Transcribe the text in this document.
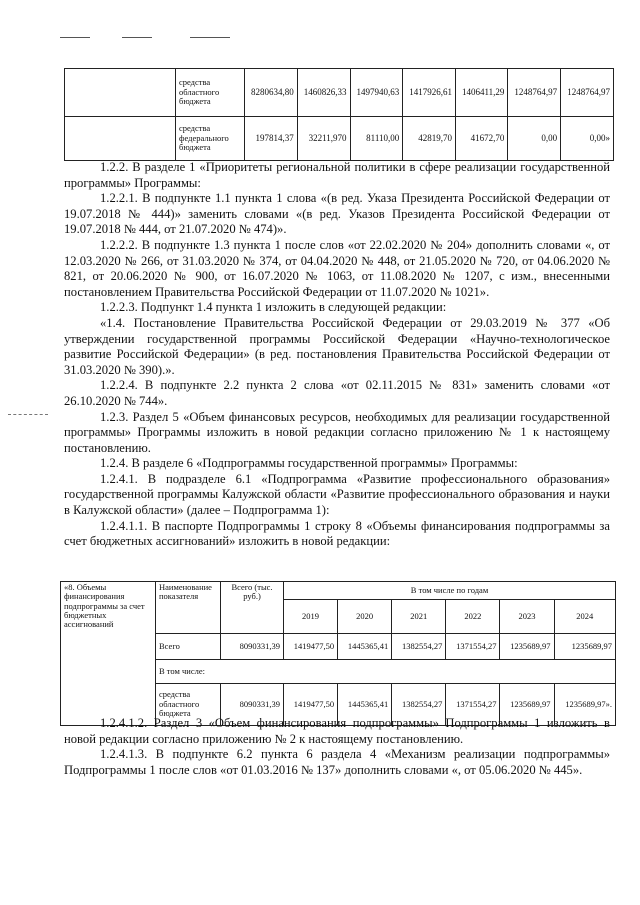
	средства областного бюджета	8280634,80	1460826,33	1497940,63	1417926,61	1406411,29	1248764,97	1248764,97
	средства федерального бюджета	197814,37	32211,970	81110,00	42819,70	41672,70	0,00	0,00»

1.2.2. В разделе 1 «Приоритеты региональной политики в сфере реализации государственной программы» Программы:

1.2.2.1. В подпункте 1.1 пункта 1 слова «(в ред. Указа Президента Российской Федерации от 19.07.2018 № 444)» заменить словами «(в ред. Указов Президента Российской Федерации от 19.07.2018 № 444, от 21.07.2020 № 474)».

1.2.2.2. В подпункте 1.3 пункта 1 после слов «от 22.02.2020 № 204» дополнить словами «, от 12.03.2020 № 266, от 31.03.2020 № 374, от 04.04.2020 № 448, от 21.05.2020 № 720, от 04.06.2020 № 821, от 20.06.2020 № 900, от 16.07.2020 № 1063, от 11.08.2020 № 1207, с изм., внесенными постановлением Правительства Российской Федерации от 11.07.2020 № 1021».

1.2.2.3. Подпункт 1.4 пункта 1 изложить в следующей редакции:

«1.4. Постановление Правительства Российской Федерации от 29.03.2019 № 377 «Об утверждении государственной программы Российской Федерации «Научно-технологическое развитие Российской Федерации» (в ред. постановления Правительства Российской Федерации от 31.03.2020 № 390).».

1.2.2.4. В подпункте 2.2 пункта 2 слова «от 02.11.2015 № 831» заменить словами «от 26.10.2020 № 744».

1.2.3. Раздел 5 «Объем финансовых ресурсов, необходимых для реализации государственной программы» Программы изложить в новой редакции согласно приложению № 1 к настоящему постановлению.

1.2.4. В разделе 6 «Подпрограммы государственной программы» Программы:

1.2.4.1. В подразделе 6.1 «Подпрограмма «Развитие профессионального образования» государственной программы Калужской области «Развитие профессионального образования и науки в Калужской области» (далее – Подпрограмма 1):

1.2.4.1.1. В паспорте Подпрограммы 1 строку 8 «Объемы финансирования подпрограммы за счет бюджетных ассигнований» изложить в новой редакции:

«8. Объемы финансирования подпрограммы за счет бюджетных ассигнований	Наименование показателя	Всего (тыс. руб.)	В том числе по годам					
			2019	2020	2021	2022	2023	2024
	Всего	8090331,39	1419477,50	1445365,41	1382554,27	1371554,27	1235689,97	1235689,97
	В том числе:							
	средства областного бюджета	8090331,39	1419477,50	1445365,41	1382554,27	1371554,27	1235689,97	1235689,97».

1.2.4.1.2. Раздел 3 «Объем финансирования подпрограммы» Подпрограммы 1 изложить в новой редакции согласно приложению № 2 к настоящему постановлению.

1.2.4.1.3. В подпункте 6.2 пункта 6 раздела 4 «Механизм реализации подпрограммы» Подпрограммы 1 после слов «от 01.03.2016 № 137» дополнить словами «, от 05.06.2020 № 445».
